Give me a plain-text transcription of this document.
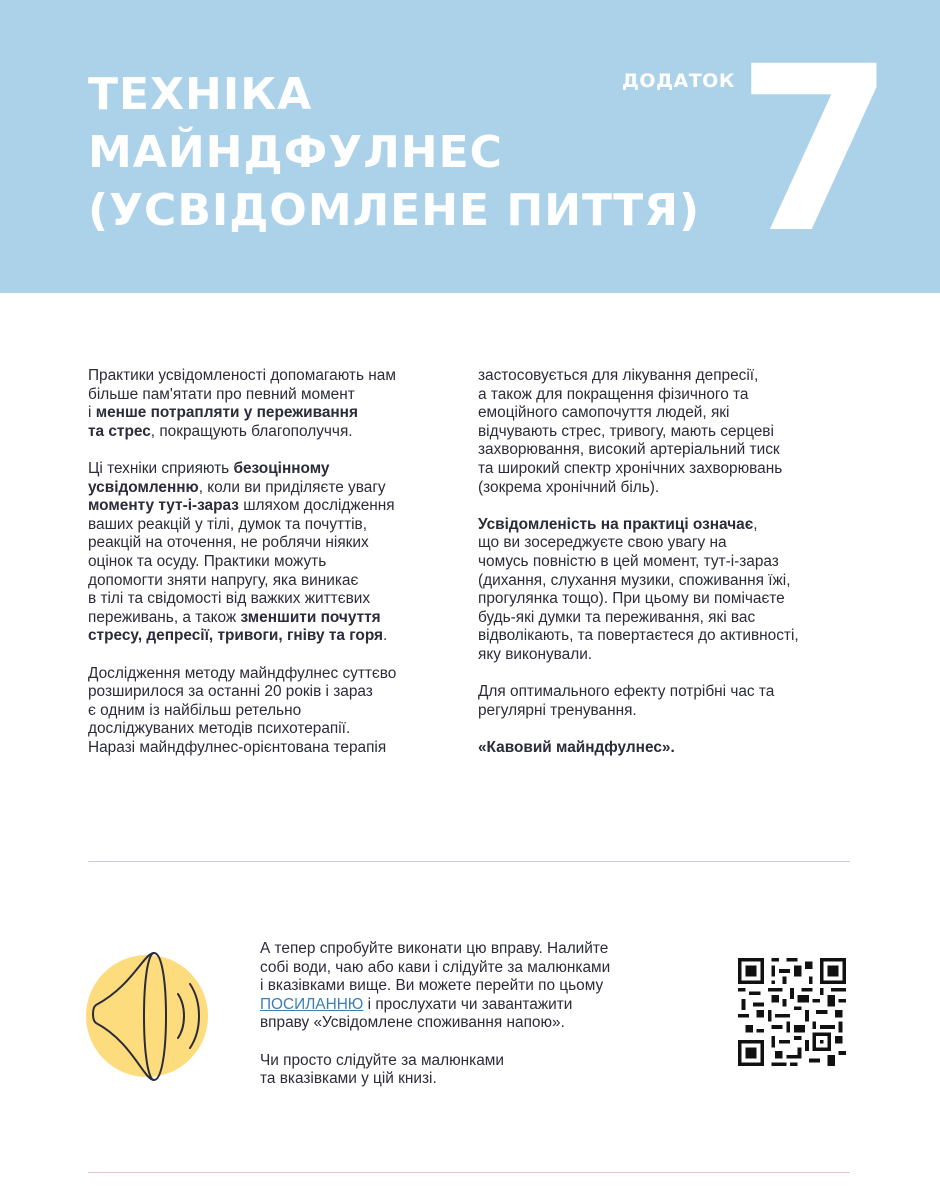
ТЕХНІКА
МАЙНДФУЛНЕС
(УСВІДОМЛЕНЕ ПИТТЯ)
ДОДАТОК 7

Практики усвідомленості допомагають нам
більше пам'ятати про певний момент
і менше потрапляти у переживання
та стрес, покращують благополуччя.

Ці техніки сприяють безоцінному
усвідомленню, коли ви приділяєте увагу
моменту тут-і-зараз шляхом дослідження
ваших реакцій у тілі, думок та почуттів,
реакцій на оточення, не роблячи ніяких
оцінок та осуду. Практики можуть
допомогти зняти напругу, яка виникає
в тілі та свідомості від важких життєвих
переживань, а також зменшити почуття
стресу, депресії, тривоги, гніву та горя.

Дослідження методу майндфулнес суттєво
розширилося за останні 20 років і зараз
є одним із найбільш ретельно
досліджуваних методів психотерапії.
Наразі майндфулнес-орієнтована терапія

застосовується для лікування депресії,
а також для покращення фізичного та
емоційного самопочуття людей, які
відчувають стрес, тривогу, мають серцеві
захворювання, високий артеріальний тиск
та широкий спектр хронічних захворювань
(зокрема хронічний біль).

Усвідомленість на практиці означає,
що ви зосереджуєте свою увагу на
чомусь повністю в цей момент, тут-і-зараз
(дихання, слухання музики, споживання їжі,
прогулянка тощо). При цьому ви помічаєте
будь-які думки та переживання, які вас
відволікають, та повертаєтеся до активності,
яку виконували.

Для оптимального ефекту потрібні час та
регулярні тренування.

«Кавовий майндфулнес».

А тепер спробуйте виконати цю вправу. Налийте
собі води, чаю або кави і слідуйте за малюнками
і вказівками вище. Ви можете перейти по цьому
ПОСИЛАННЮ і прослухати чи завантажити
вправу «Усвідомлене споживання напою».

Чи просто слідуйте за малюнками
та вказівками у цій книзі.
